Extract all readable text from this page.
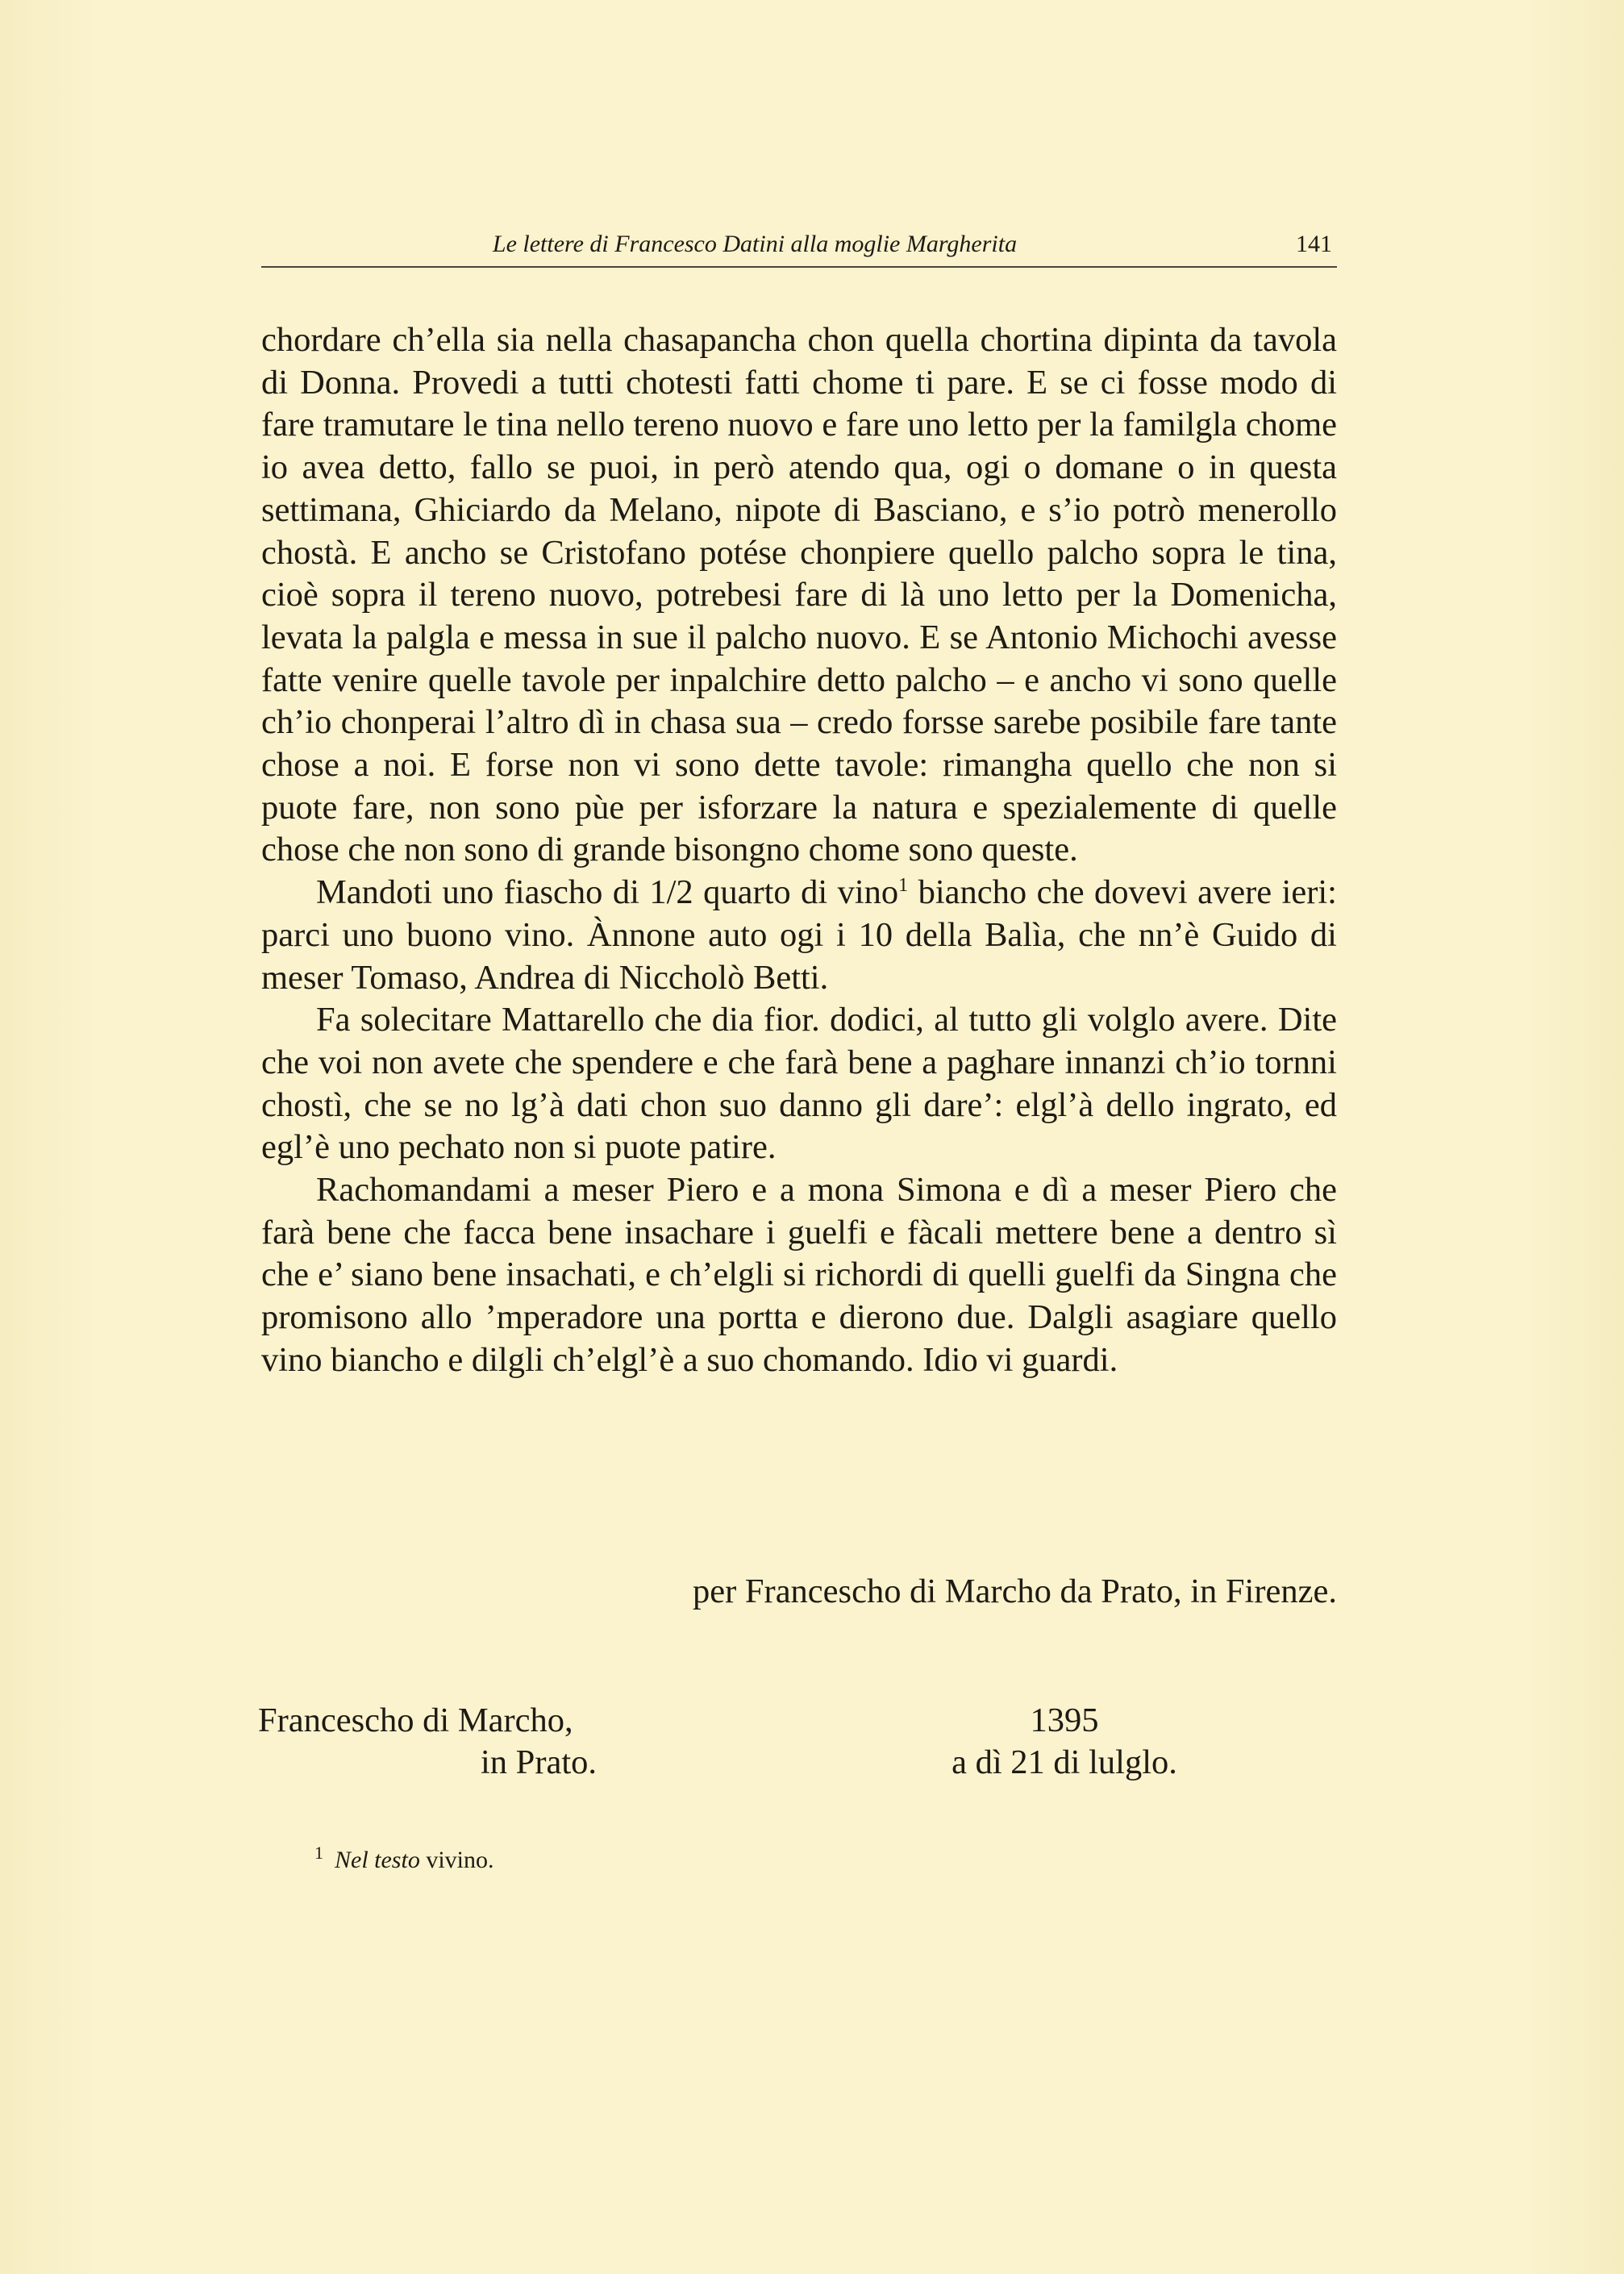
Le lettere di Francesco Datini alla moglie Margherita	141

chordare ch’ella sia nella chasapancha chon quella chortina dipinta da tavola di Donna. Provedi a tutti chotesti fatti chome ti pare. E se ci fosse modo di fare tramutare le tina nello tereno nuovo e fare uno letto per la familgla chome io avea detto, fallo se puoi, in però atendo qua, ogi o domane o in questa settimana, Ghiciardo da Melano, nipote di Basciano, e s’io potrò menerollo chostà. E ancho se Cristofano potése chonpiere quello palcho sopra le tina, cioè sopra il tereno nuovo, potrebesi fare di là uno letto per la Domenicha, levata la palgla e messa in sue il palcho nuovo. E se Antonio Michochi avesse fatte venire quelle tavole per inpalchire detto palcho – e ancho vi sono quelle ch’io chonperai l’altro dì in chasa sua – credo forsse sarebe posibile fare tante chose a noi. E forse non vi sono dette tavole: rimangha quello che non si puote fare, non sono pùe per isforzare la natura e spezialemente di quelle chose che non sono di grande bisongno chome sono queste.

Mandoti uno fiascho di 1/2 quarto di vino$^1$ biancho che dovevi avere ieri: parci uno buono vino. Ànnone auto ogi i 10 della Balìa, che nn’è Guido di meser Tomaso, Andrea di Niccholò Betti.

Fa solecitare Mattarello che dia fior. dodici, al tutto gli volglo avere. Dite che voi non avete che spendere e che farà bene a paghare innanzi ch’io tornni chostì, che se no lg’à dati chon suo danno gli dare’: elgl’à dello ingrato, ed egl’è uno pechato non si puote patire.

Rachomandami a meser Piero e a mona Simona e dì a meser Piero che farà bene che facca bene insachare i guelfi e fàcali mettere bene a dentro sì che e’ siano bene insachati, e ch’elgli si richordi di quelli guelfi da Singna che promisono allo ’mperadore una portta e dierono due. Dalgli asagiare quello vino biancho e dilgli ch’elgl’è a suo chomando. Idio vi guardi.

per Franceschо di Marcho da Prato, in Firenze.
Francescho di Marcho,
in Prato.
1395
a dì 21 di lulglo.
$^1$ Nel testo vivino.
